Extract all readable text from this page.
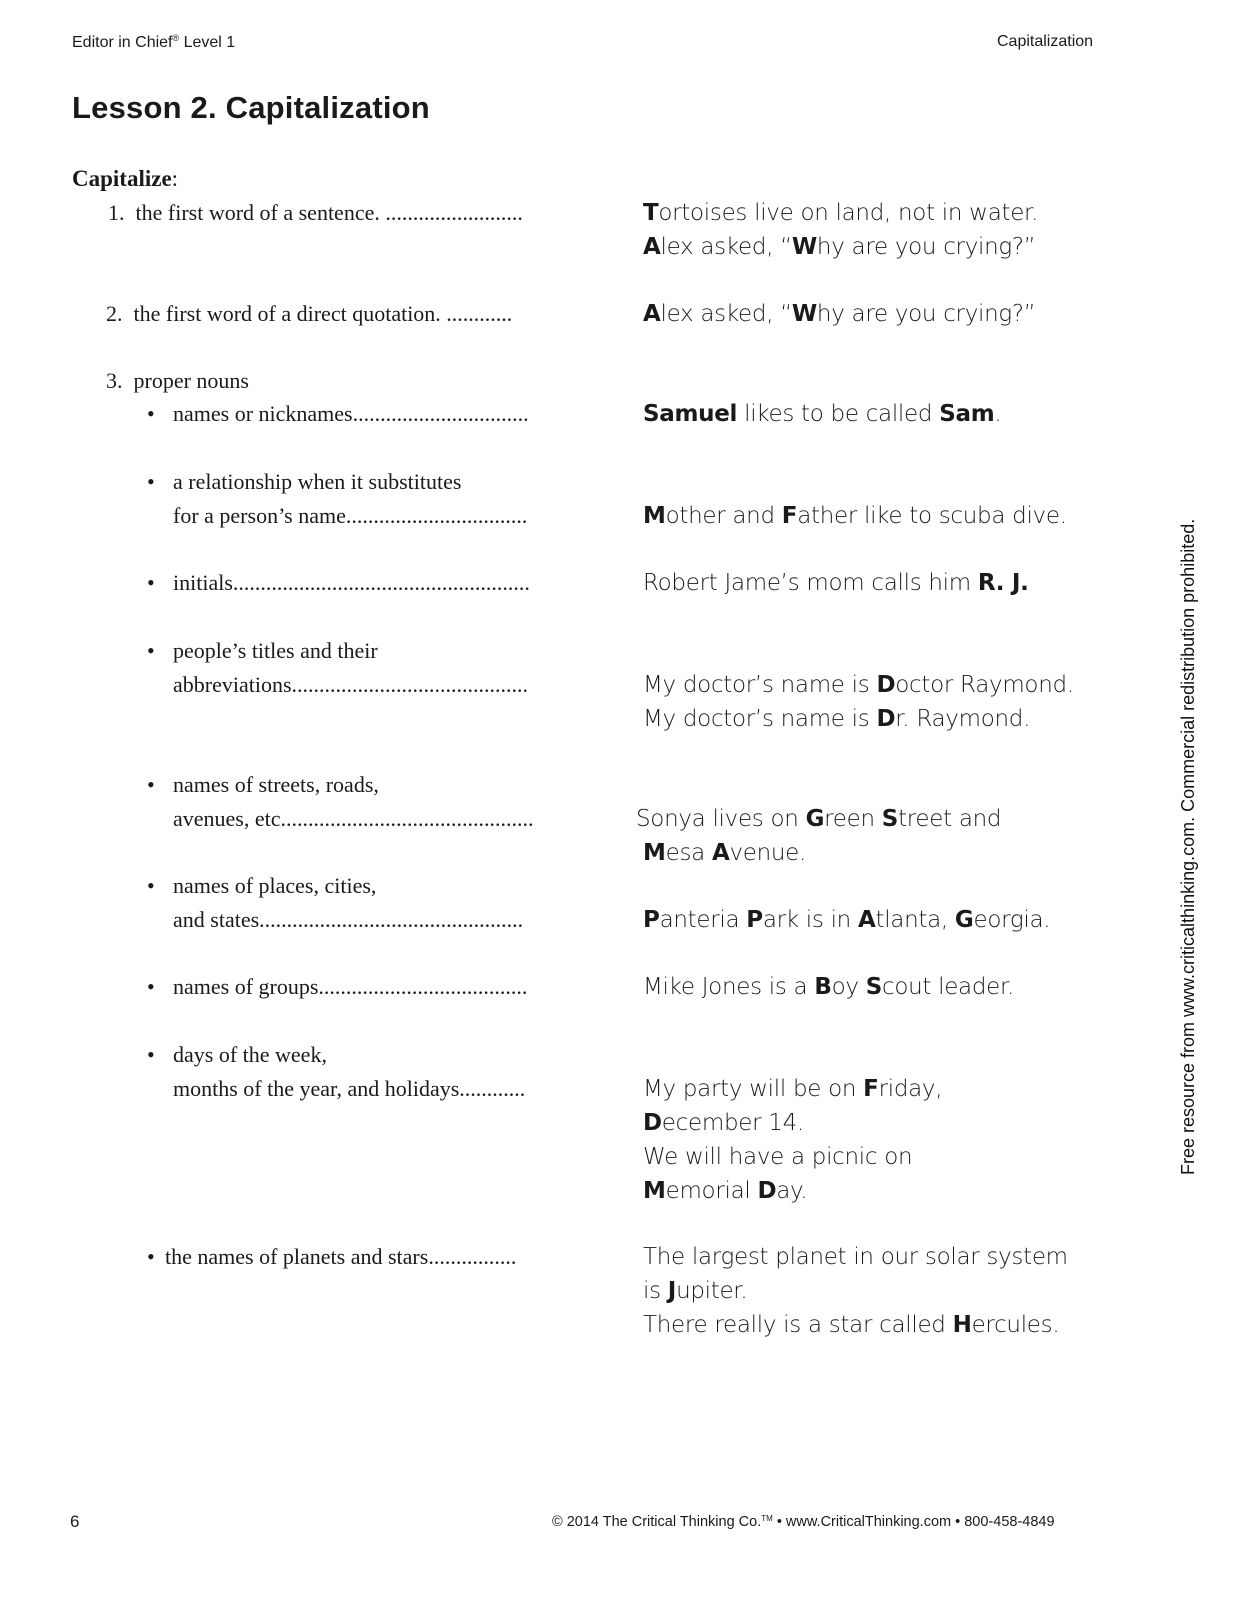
Editor in Chief® Level 1	Capitalization
Lesson 2. Capitalization
Capitalize:
1. the first word of a sentence. .........................	Tortoises live on land, not in water.
Alex asked, “Why are you crying?”
2. the first word of a direct quotation. ............	Alex asked, “Why are you crying?”
3. proper nouns
• names or nicknames................................	Samuel likes to be called Sam.
• a relationship when it substitutes
for a person’s name.................................	Mother and Father like to scuba dive.
• initials......................................................	Robert Jame’s mom calls him R. J.
• people’s titles and their
abbreviations...........................................	My doctor’s name is Doctor Raymond.
My doctor’s name is Dr. Raymond.
• names of streets, roads,
avenues, etc..............................................	Sonya lives on Green Street and
Mesa Avenue.
• names of places, cities,
and states................................................	Panteria Park is in Atlanta, Georgia.
• names of groups......................................	Mike Jones is a Boy Scout leader.
• days of the week,
months of the year, and holidays............	My party will be on Friday,
December 14.
We will have a picnic on
Memorial Day.
• the names of planets and stars................	The largest planet in our solar system
is Jupiter.
There really is a star called Hercules.
Free resource from www.criticalthinking.com. Commercial redistribution prohibited.
6	© 2014 The Critical Thinking Co.™ • www.CriticalThinking.com • 800-458-4849
